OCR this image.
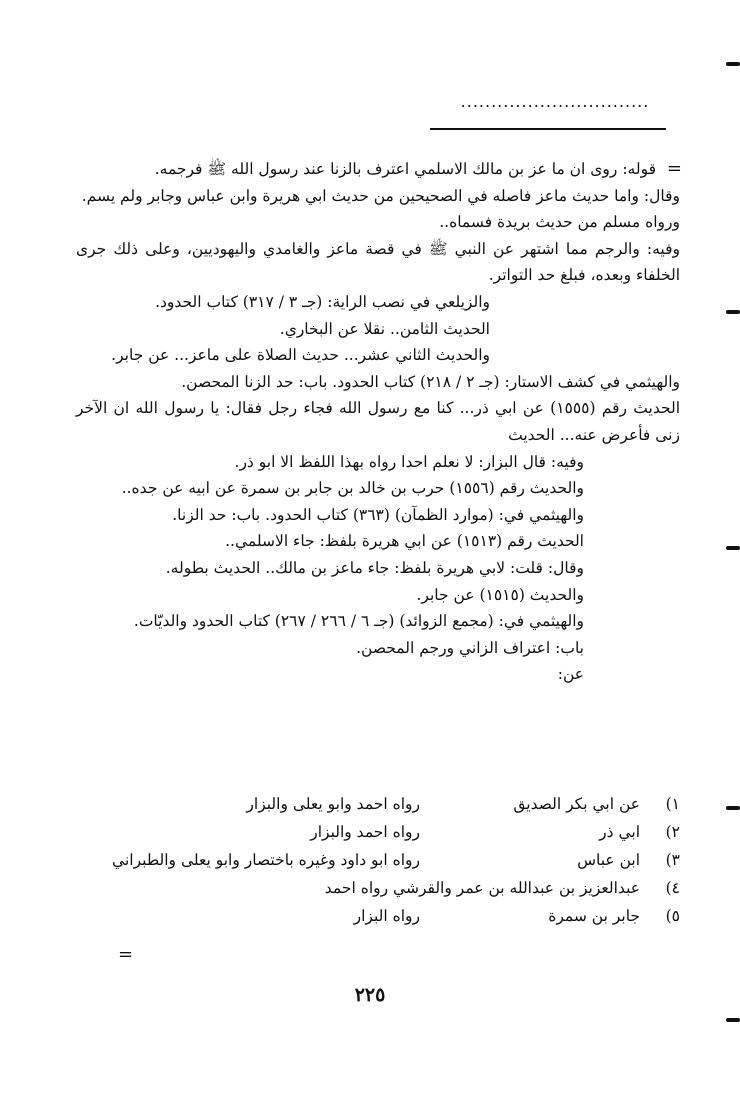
...............................
=

قوله: روى ان ما عز بن مالك الاسلمي اعترف بالزنا عند رسول الله ﷺ فرجمه.

وقال: واما حديث ماعز فاصله في الصحيحين من حديث ابي هريرة وابن عباس وجابر ولم يسم.

ورواه مسلم من حديث بريدة فسماه..

وفيه: والرجم مما اشتهر عن النبي ﷺ في قصة ماعز والغامدي واليهوديين، وعلى ذلك جرى الخلفاء وبعده، فبلغ حد التواتر.

والزيلعي في نصب الراية: (جـ ٣ / ٣١٧) كتاب الحدود.

الحديث الثامن.. نقلا عن البخاري.

والحديث الثاني عشر... حديث الصلاة على ماعز... عن جابر.

والهيثمي في كشف الاستار: (جـ ٢ / ٢١٨) كتاب الحدود. باب: حد الزنا المحصن.

الحديث رقم (١٥٥٥) عن ابي ذر... كنا مع رسول الله فجاء رجل فقال: يا رسول الله ان الآخر زنى فأعرض عنه... الحديث

وفيه: قال البزار: لا نعلم احدا رواه بهذا اللفظ الا ابو ذر.

والحديث رقم (١٥٥٦) حرب بن خالد بن جابر بن سمرة عن ابيه عن جده..

والهيثمي في: (موارد الظمآن) (٣٦٣) كتاب الحدود. باب: حد الزنا.

الحديث رقم (١٥١٣) عن ابي هريرة بلفظ: جاء الاسلمي..

وقال: قلت: لابي هريرة بلفظ: جاء ماعز بن مالك.. الحديث بطوله.

والحديث (١٥١٥) عن جابر.

والهيثمي في: (مجمع الزوائد) (جـ ٦ / ٢٦٦ / ٢٦٧) كتاب الحدود والديّات.

باب: اعتراف الزاني ورجم المحصن.

عن:

١)
عن ابي بكر الصديق
رواه احمد وابو يعلى والبزار
٢)
ابي ذر
رواه احمد والبزار
٣)
ابن عباس
رواه ابو داود وغيره باختصار وابو يعلى والطبراني
٤)
عبدالعزيز بن عبدالله بن عمر والقرشي رواه احمد
٥)
جابر بن سمرة
رواه البزار
=
٢٢٥
